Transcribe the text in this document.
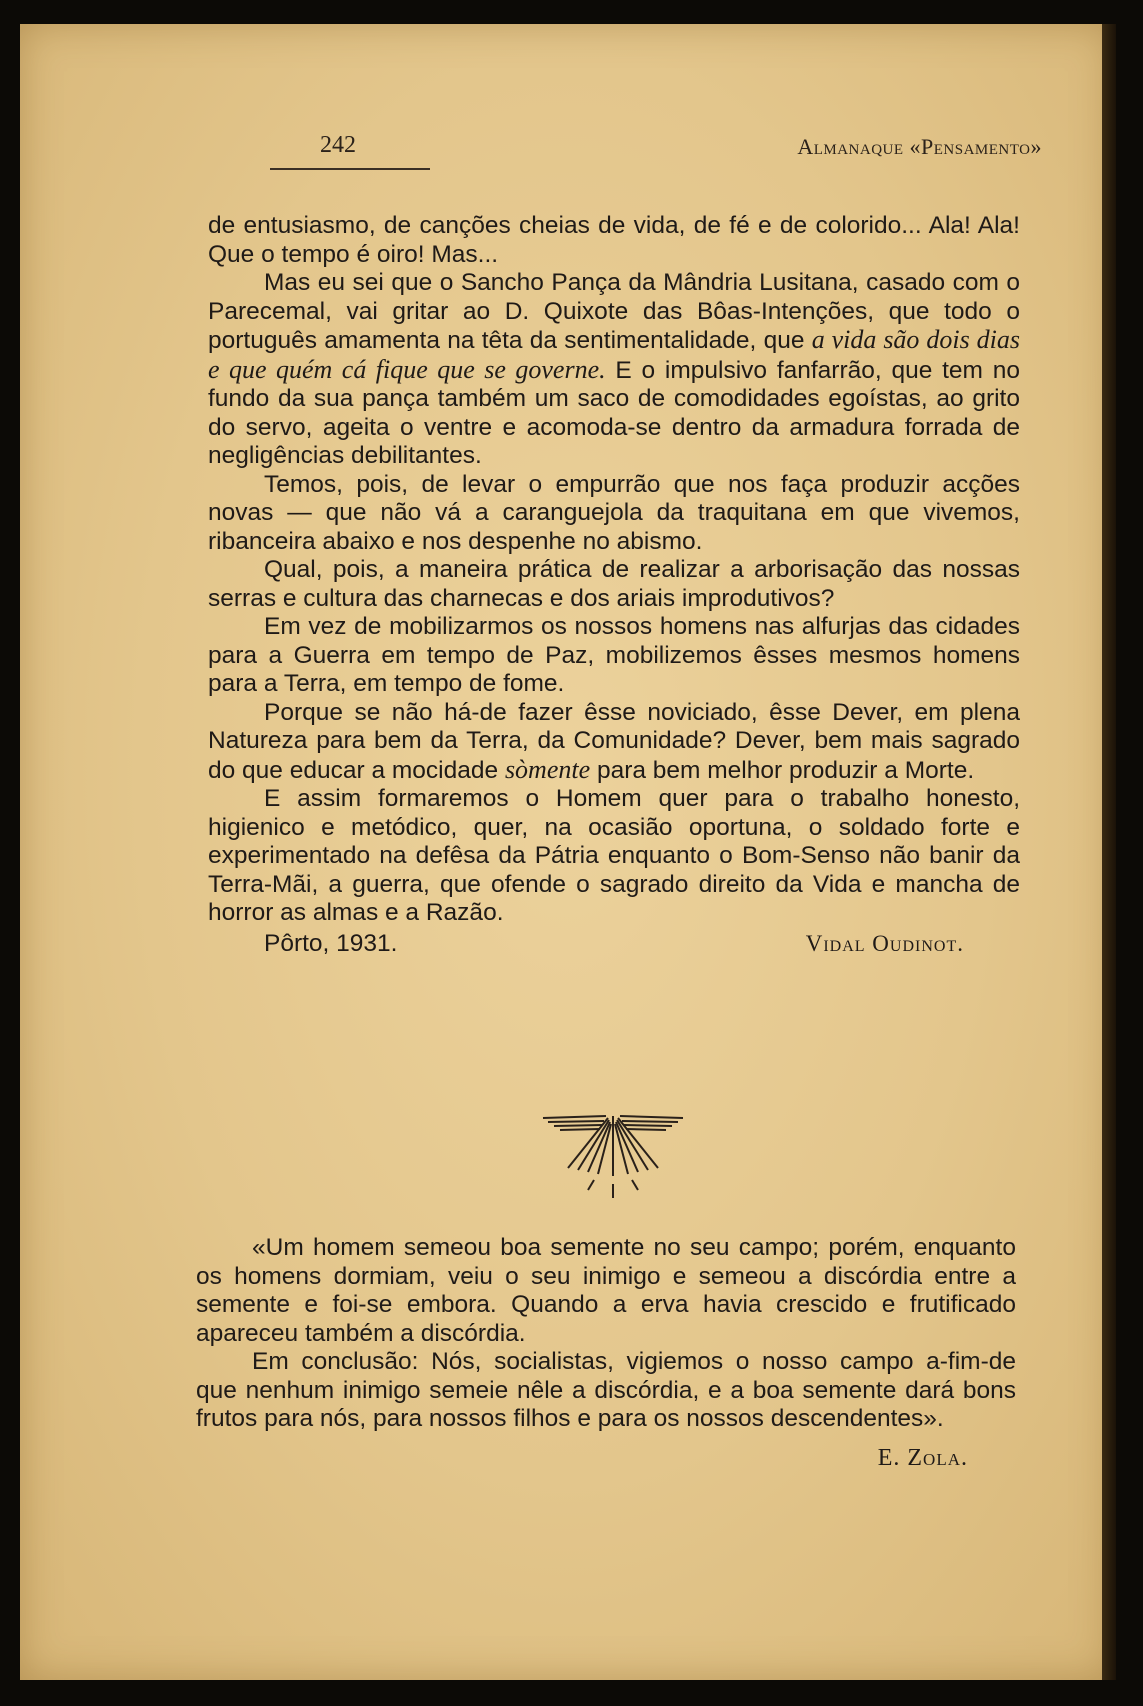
242	Almanaque «Pensamento»

de entusiasmo, de canções cheias de vida, de fé e de colorido... Ala! Ala! Que o tempo é oiro! Mas...

Mas eu sei que o Sancho Pança da Mândria Lusitana, casado com o Parecemal, vai gritar ao D. Quixote das Bôas-Intenções, que todo o português amamenta na têta da sentimentalidade, que a vida são dois dias e que quém cá fique que se governe. E o impulsivo fanfarrão, que tem no fundo da sua pança também um saco de comodidades egoístas, ao grito do servo, ageita o ventre e acomoda-se dentro da armadura forrada de negligências debilitantes.

Temos, pois, de levar o empurrão que nos faça produzir acções novas — que não vá a caranguejola da traquitana em que vivemos, ribanceira abaixo e nos despenhe no abismo.

Qual, pois, a maneira prática de realizar a arborisação das nossas serras e cultura das charnecas e dos ariais improdutivos?

Em vez de mobilizarmos os nossos homens nas alfurjas das cidades para a Guerra em tempo de Paz, mobilizemos êsses mesmos homens para a Terra, em tempo de fome.

Porque se não há-de fazer êsse noviciado, êsse Dever, em plena Natureza para bem da Terra, da Comunidade? Dever, bem mais sagrado do que educar a mocidade sòmente para bem melhor produzir a Morte.

E assim formaremos o Homem quer para o trabalho honesto, higienico e metódico, quer, na ocasião oportuna, o soldado forte e experimentado na defêsa da Pátria enquanto o Bom-Senso não banir da Terra-Mãi, a guerra, que ofende o sagrado direito da Vida e mancha de horror as almas e a Razão.

Pôrto, 1931.	Vidal Oudinot.

«Um homem semeou boa semente no seu campo; porém, enquanto os homens dormiam, veiu o seu inimigo e semeou a discórdia entre a semente e foi-se embora. Quando a erva havia crescido e frutificado apareceu também a discórdia.

Em conclusão: Nós, socialistas, vigiemos o nosso campo a-fim-de que nenhum inimigo semeie nêle a discórdia, e a boa semente dará bons frutos para nós, para nossos filhos e para os nossos descendentes».

E. Zola.
